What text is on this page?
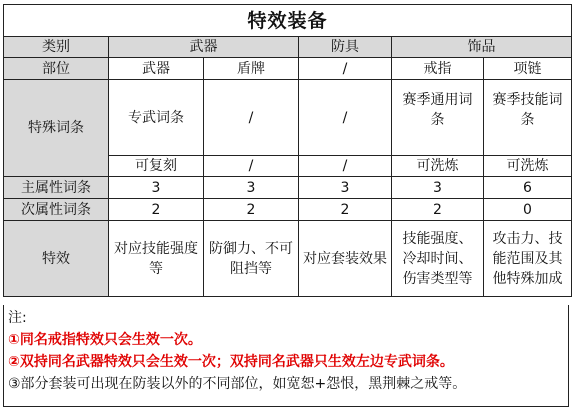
特效装备					
类别	武器		防具	饰品	
部位	武器	盾牌	/	戒指	项链
特殊词条	专武词条	/	/	赛季通用词条	赛季技能词条

	可复刻	/	/	可洗炼	可洗炼
主属性词条	3	3	3	3	6
次属性词条	2	2	2	2	0
特效	对应技能强度等	防御力、不可阻挡等	对应套装效果	技能强度、冷却时间、伤害类型等	攻击力、技能范围及其他特殊加成
注:
①同名戒指特效只会生效一次。
②双持同名武器特效只会生效一次；双持同名武器只生效左边专武词条。
③部分套装可出现在防装以外的不同部位，如宽恕+怨恨，黑荆棘之戒等。
